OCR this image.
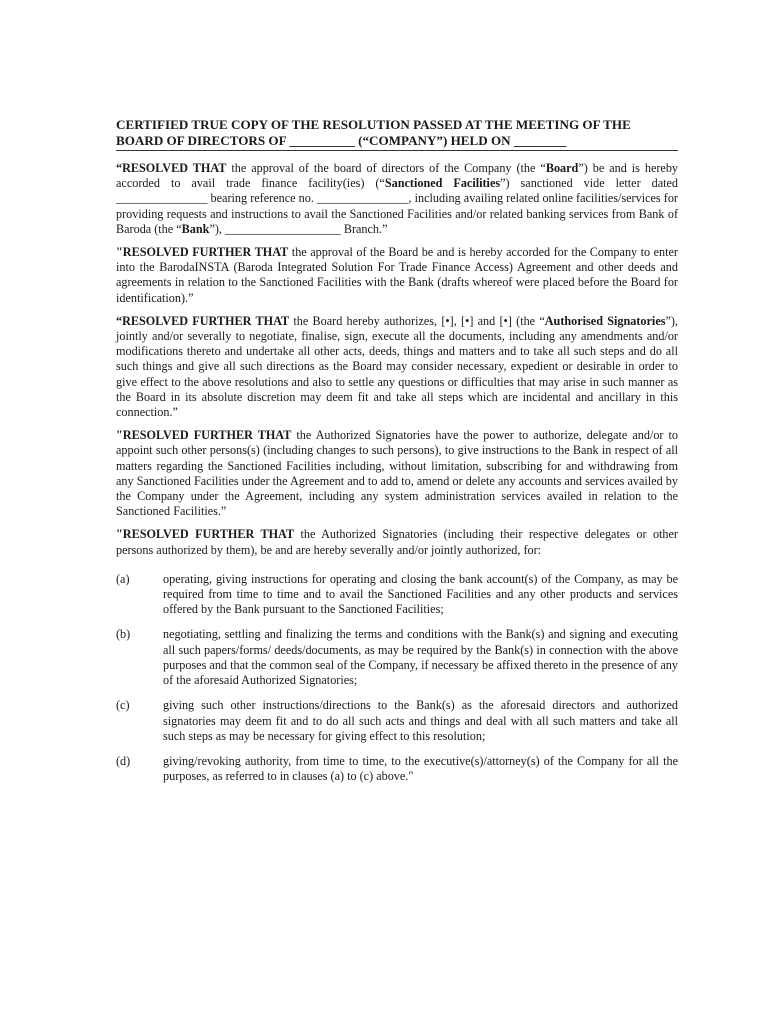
CERTIFIED TRUE COPY OF THE RESOLUTION PASSED AT THE MEETING OF THE BOARD OF DIRECTORS OF __________ (“COMPANY”) HELD ON ________

“RESOLVED THAT the approval of the board of directors of the Company (the “Board”) be and is hereby accorded to avail trade finance facility(ies) (“Sanctioned Facilities”) sanctioned vide letter dated _______________ bearing reference no. _______________, including availing related online facilities/services for providing requests and instructions to avail the Sanctioned Facilities and/or related banking services from Bank of Baroda (the “Bank”), ___________________ Branch.”

"RESOLVED FURTHER THAT the approval of the Board be and is hereby accorded for the Company to enter into the BarodaINSTA (Baroda Integrated Solution For Trade Finance Access) Agreement and other deeds and agreements in relation to the Sanctioned Facilities with the Bank (drafts whereof were placed before the Board for identification).”

“RESOLVED FURTHER THAT the Board hereby authorizes, [•], [•] and [•] (the “Authorised Signatories”), jointly and/or severally to negotiate, finalise, sign, execute all the documents, including any amendments and/or modifications thereto and undertake all other acts, deeds, things and matters and to take all such steps and do all such things and give all such directions as the Board may consider necessary, expedient or desirable in order to give effect to the above resolutions and also to settle any questions or difficulties that may arise in such manner as the Board in its absolute discretion may deem fit and take all steps which are incidental and ancillary in this connection.”

"RESOLVED FURTHER THAT the Authorized Signatories have the power to authorize, delegate and/or to appoint such other persons(s) (including changes to such persons), to give instructions to the Bank in respect of all matters regarding the Sanctioned Facilities including, without limitation, subscribing for and withdrawing from any Sanctioned Facilities under the Agreement and to add to, amend or delete any accounts and services availed by the Company under the Agreement, including any system administration services availed in relation to the Sanctioned Facilities.”

"RESOLVED FURTHER THAT the Authorized Signatories (including their respective delegates or other persons authorized by them), be and are hereby severally and/or jointly authorized, for:

(a)	operating, giving instructions for operating and closing the bank account(s) of the Company, as may be required from time to time and to avail the Sanctioned Facilities and any other products and services offered by the Bank pursuant to the Sanctioned Facilities;
(b)	negotiating, settling and finalizing the terms and conditions with the Bank(s) and signing and executing all such papers/forms/ deeds/documents, as may be required by the Bank(s) in connection with the above purposes and that the common seal of the Company, if necessary be affixed thereto in the presence of any of the aforesaid Authorized Signatories;
(c)	giving such other instructions/directions to the Bank(s) as the aforesaid directors and authorized signatories may deem fit and to do all such acts and things and deal with all such matters and take all such steps as may be necessary for giving effect to this resolution;
(d)	giving/revoking authority, from time to time, to the executive(s)/attorney(s) of the Company for all the purposes, as referred to in clauses (a) to (c) above."
